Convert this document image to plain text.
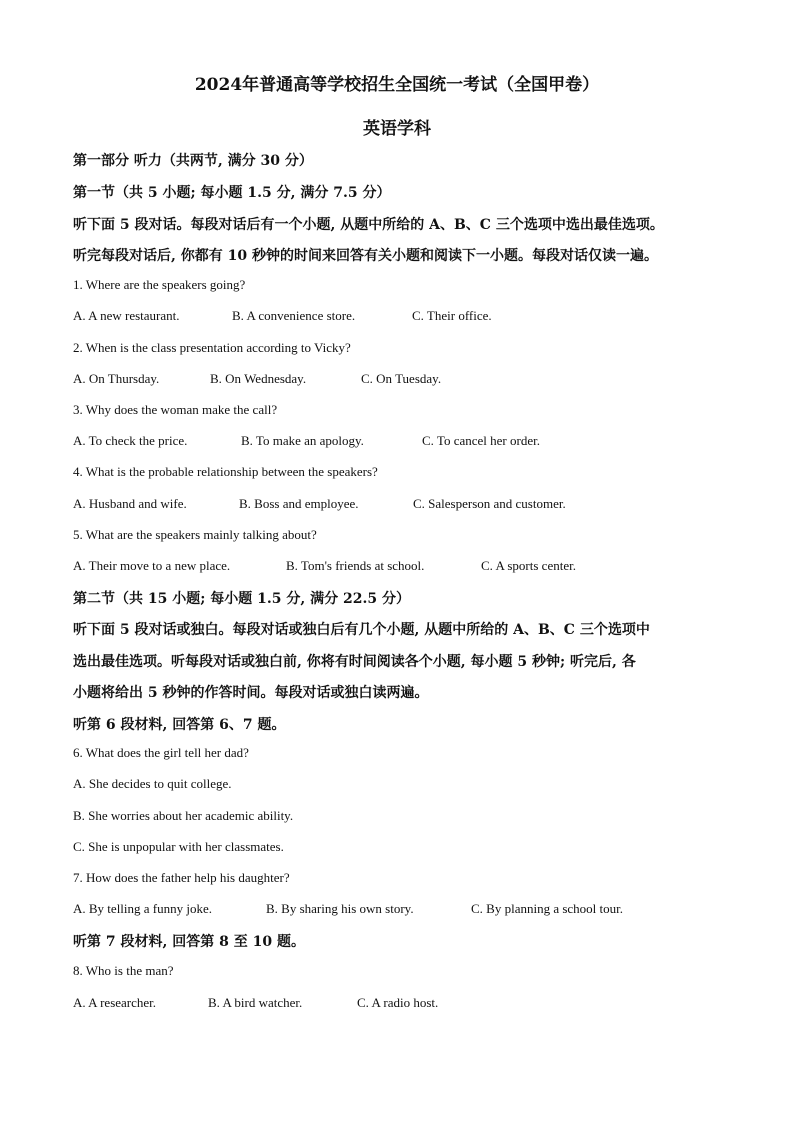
2024年普通高等学校招生全国统一考试（全国甲卷）
英语学科
第一部分 听力（共两节, 满分 30 分）
第一节（共 5 小题; 每小题 1.5 分, 满分 7.5 分）
听下面 5 段对话。每段对话后有一个小题, 从题中所给的 A、B、C 三个选项中选出最佳选项。
听完每段对话后, 你都有 10 秒钟的时间来回答有关小题和阅读下一小题。每段对话仅读一遍。
1. Where are the speakers going?
A. A new restaurant.	B. A convenience store.	C. Their office.
2. When is the class presentation according to Vicky?
A. On Thursday.	B. On Wednesday.	C. On Tuesday.
3. Why does the woman make the call?
A. To check the price.	B. To make an apology.	C. To cancel her order.
4. What is the probable relationship between the speakers?
A. Husband and wife.	B. Boss and employee.	C. Salesperson and customer.
5. What are the speakers mainly talking about?
A. Their move to a new place.	B. Tom's friends at school.	C. A sports center.
第二节（共 15 小题; 每小题 1.5 分, 满分 22.5 分）
听下面 5 段对话或独白。每段对话或独白后有几个小题, 从题中所给的 A、B、C 三个选项中
选出最佳选项。听每段对话或独白前, 你将有时间阅读各个小题, 每小题 5 秒钟; 听完后, 各
小题将给出 5 秒钟的作答时间。每段对话或独白读两遍。
听第 6 段材料, 回答第 6、7 题。
6. What does the girl tell her dad?
A. She decides to quit college.
B. She worries about her academic ability.
C. She is unpopular with her classmates.
7. How does the father help his daughter?
A. By telling a funny joke.	B. By sharing his own story.	C. By planning a school tour.
听第 7 段材料, 回答第 8 至 10 题。
8. Who is the man?
A. A researcher.	B. A bird watcher.	C. A radio host.
